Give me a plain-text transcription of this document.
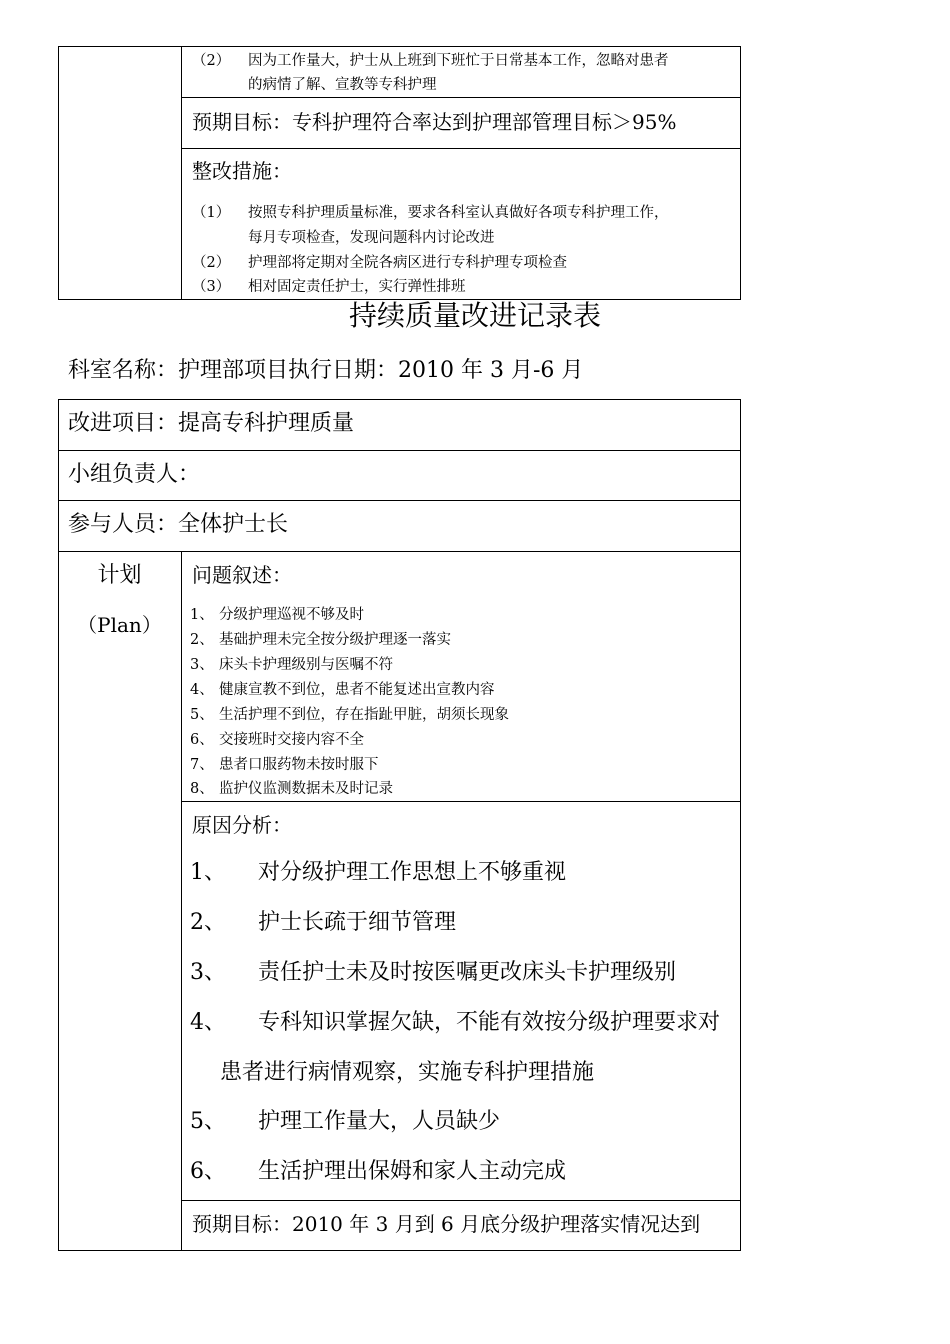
（2） 因为工作量大，护士从上班到下班忙于日常基本工作，忽略对患者
的病情了解、宣教等专科护理
预期目标：专科护理符合率达到护理部管理目标＞95%
整改措施：
（1） 按照专科护理质量标准，要求各科室认真做好各项专科护理工作，
每月专项检查，发现问题科内讨论改进
（2） 护理部将定期对全院各病区进行专科护理专项检查
（3） 相对固定责任护士，实行弹性排班
持续质量改进记录表
科室名称：护理部项目执行日期：2010 年 3 月-6 月
改进项目：提高专科护理质量
小组负责人：
参与人员：全体护士长
计划
（Plan）
问题叙述：
1、 分级护理巡视不够及时
2、 基础护理未完全按分级护理逐一落实
3、 床头卡护理级别与医嘱不符
4、 健康宣教不到位，患者不能复述出宣教内容
5、 生活护理不到位，存在指趾甲脏，胡须长现象
6、 交接班时交接内容不全
7、 患者口服药物未按时服下
8、 监护仪监测数据未及时记录
原因分析：
1、 对分级护理工作思想上不够重视
2、 护士长疏于细节管理
3、 责任护士未及时按医嘱更改床头卡护理级别
4、 专科知识掌握欠缺，不能有效按分级护理要求对
患者进行病情观察，实施专科护理措施
5、 护理工作量大，人员缺少
6、 生活护理出保姆和家人主动完成
预期目标：2010 年 3 月到 6 月底分级护理落实情况达到
